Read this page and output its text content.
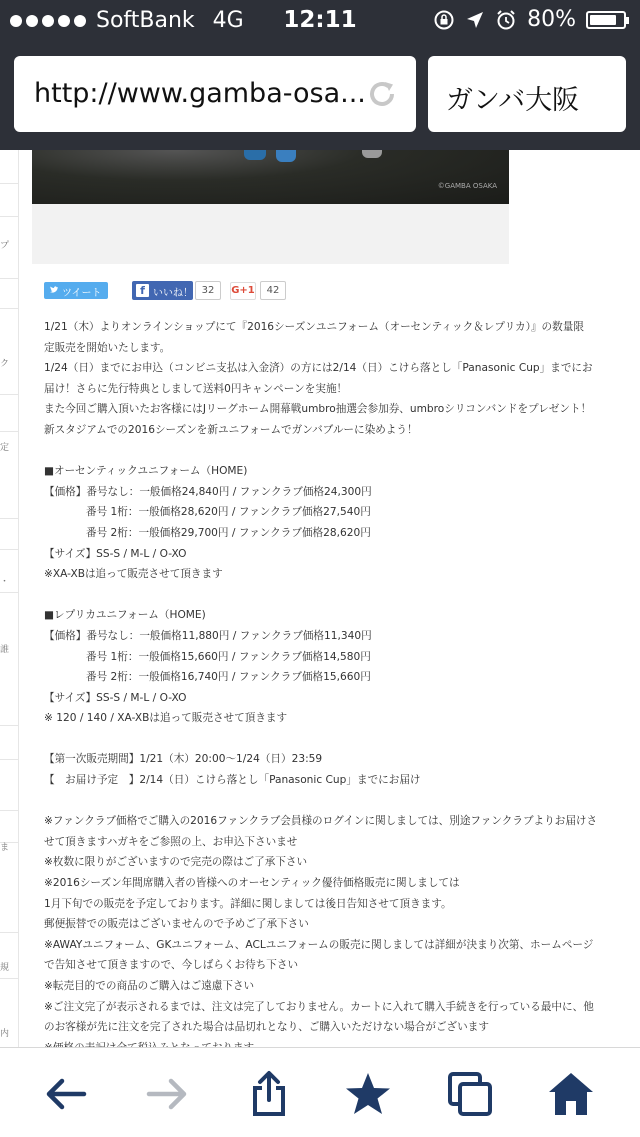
SoftBank 4G	12:11	80%
http://www.gamba-osa...	ガンバ大阪
プ
ク
定
・
誰
ま
規
内
©GAMBA OSAKA
ツイート	f いいね！ 32	G+1	42
1/21（木）よりオンラインショップにて『2016シーズンユニフォーム（オーセンティック＆レプリカ）』の数量限
定販売を開始いたします。
1/24（日）までにお申込（コンビニ支払は入金済）の方には2/14（日）こけら落とし「Panasonic Cup」までにお
届け！さらに先行特典としまして送料0円キャンペーンを実施！
また今回ご購入頂いたお客様にはJリーグホーム開幕戦umbro抽選会参加券、umbroシリコンバンドをプレゼント！
新スタジアムでの2016シーズンを新ユニフォームでガンバブルーに染めよう！
■オーセンティックユニフォーム（HOME)
【価格】番号なし：一般価格24,840円 / ファンクラブ価格24,300円
番号 1桁：一般価格28,620円 / ファンクラブ価格27,540円
番号 2桁：一般価格29,700円 / ファンクラブ価格28,620円
【サイズ】SS-S / M-L / O-XO
※XA-XBは追って販売させて頂きます
■レプリカユニフォーム（HOME)
【価格】番号なし：一般価格11,880円 / ファンクラブ価格11,340円
番号 1桁：一般価格15,660円 / ファンクラブ価格14,580円
番号 2桁：一般価格16,740円 / ファンクラブ価格15,660円
【サイズ】SS-S / M-L / O-XO
※ 120 / 140 / XA-XBは追って販売させて頂きます
【第一次販売期間】1/21（木）20:00～1/24（日）23:59
【　お届け予定　】2/14（日）こけら落とし「Panasonic Cup」までにお届け
※ファンクラブ価格でご購入の2016ファンクラブ会員様のログインに関しましては、別途ファンクラブよりお届けさ
せて頂きますハガキをご参照の上、お申込下さいませ
※枚数に限りがございますので完売の際はご了承下さい
※2016シーズン年間席購入者の皆様へのオーセンティック優待価格販売に関しましては
1月下旬での販売を予定しております。詳細に関しましては後日告知させて頂きます。
郵便振替での販売はございませんので予めご了承下さい
※AWAYユニフォーム、GKユニフォーム、ACLユニフォームの販売に関しましては詳細が決まり次第、ホームページ
で告知させて頂きますので、今しばらくお待ち下さい
※転売目的での商品のご購入はご遠慮下さい
※ご注文完了が表示されるまでは、注文は完了しておりません。カートに入れて購入手続きを行っている最中に、他
のお客様が先に注文を完了された場合は品切れとなり、ご購入いただけない場合がございます
